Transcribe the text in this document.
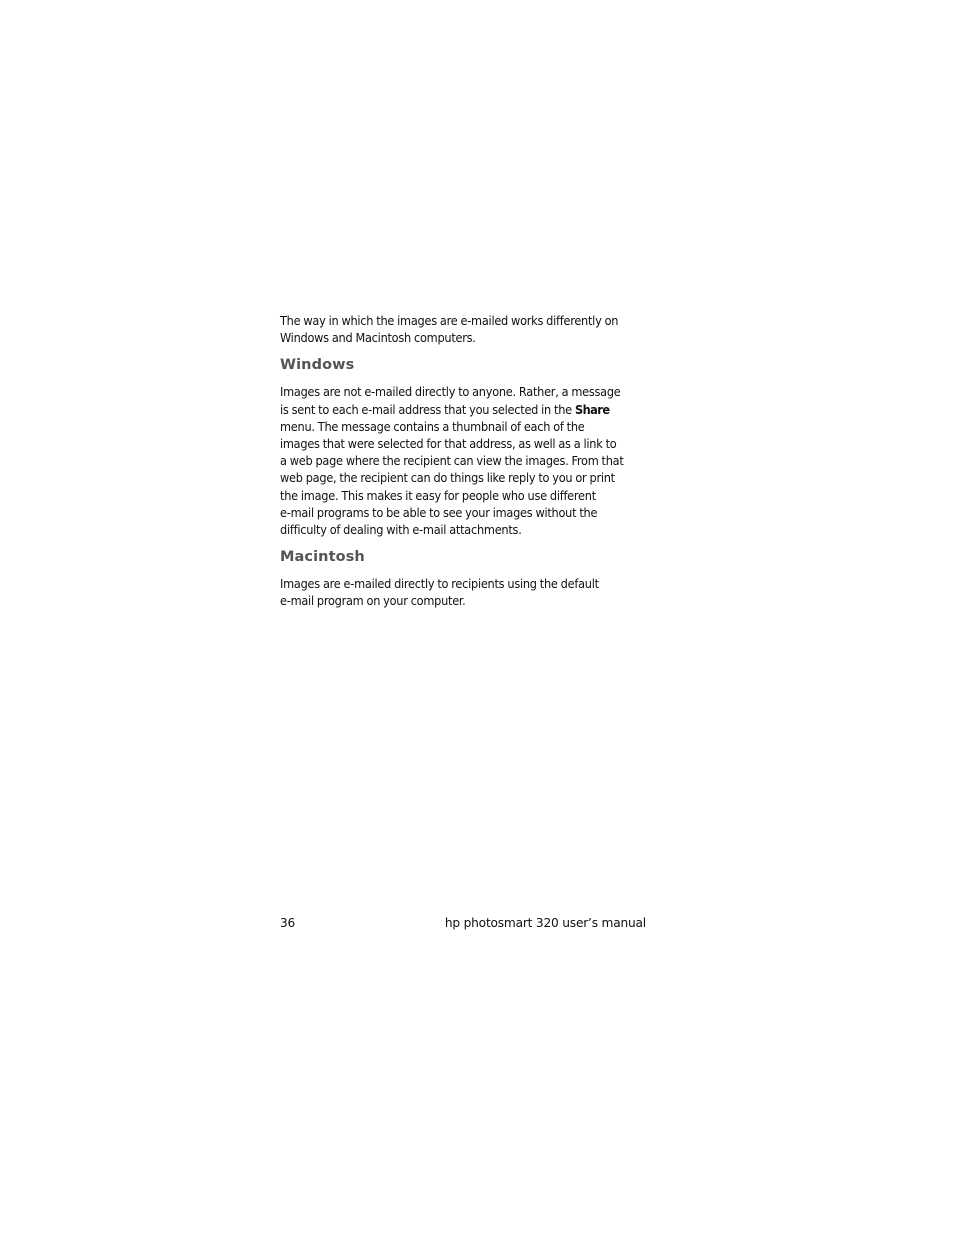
The way in which the images are e-mailed works differently on
Windows and Macintosh computers.

Windows

Images are not e-mailed directly to anyone. Rather, a message
is sent to each e-mail address that you selected in the Share
menu. The message contains a thumbnail of each of the
images that were selected for that address, as well as a link to
a web page where the recipient can view the images. From that
web page, the recipient can do things like reply to you or print
the image. This makes it easy for people who use different
e-mail programs to be able to see your images without the
difficulty of dealing with e-mail attachments.

Macintosh

Images are e-mailed directly to recipients using the default
e-mail program on your computer.

36	hp photosmart 320 user’s manual
